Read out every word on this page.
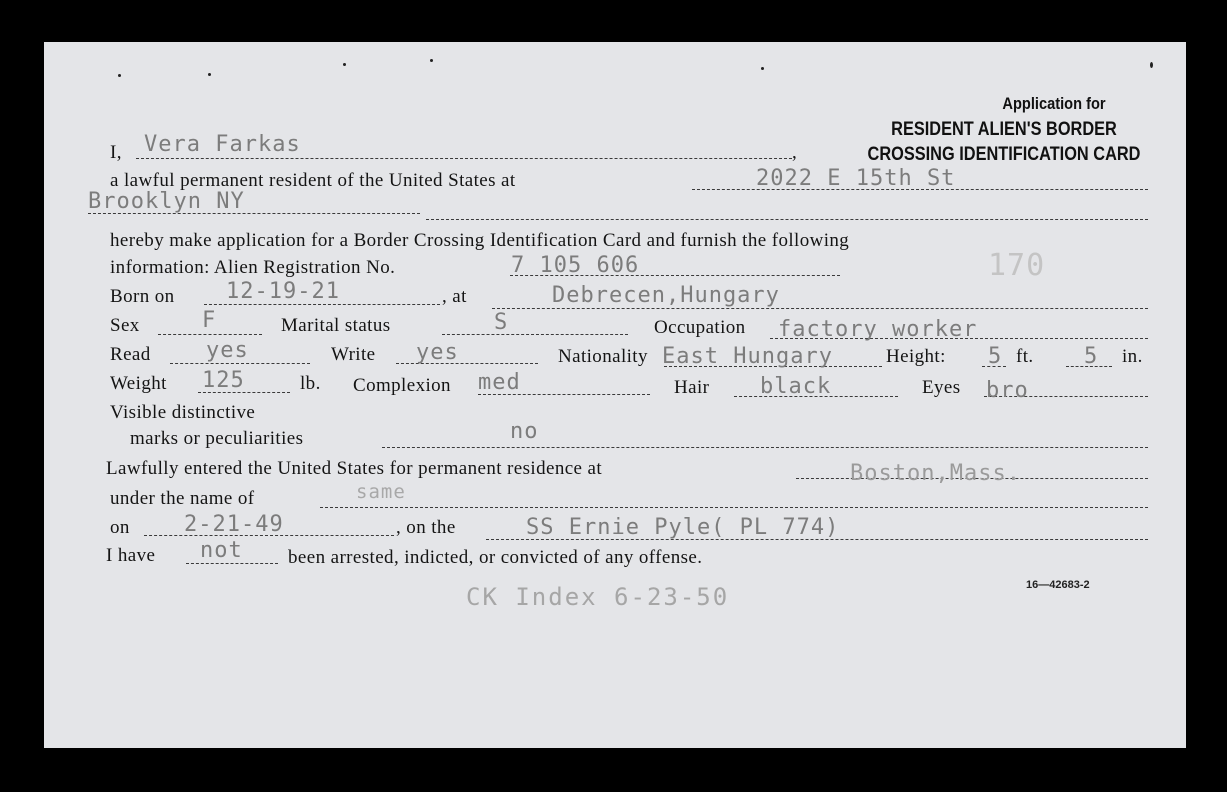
Application for
RESIDENT ALIEN'S BORDER
CROSSING IDENTIFICATION CARD
I, Vera Farkas	,
a lawful permanent resident of the United States at	2022 E 15th St
Brooklyn NY
hereby make application for a Border Crossing Identification Card and furnish the following
information: Alien Registration No.	7 105 606	170
Born on 12-19-21	, at	Debrecen,Hungary
Sex	F	Marital status	S	Occupation factory worker
Read	yes	Write yes	Nationality East Hungary	Height: 5 ft. 5 in.
Weight 125	lb. Complexion med	Hair black	Eyes bro
Visible distinctive
marks or peculiarities	no
Lawfully entered the United States for permanent residence at	Boston,Mass.
under the name of	same
on 2-21-49	, on the	SS Ernie Pyle( PL 774)
I have not been arrested, indicted, or convicted of any offense.
CK Index 6-23-50	16—42683-2
